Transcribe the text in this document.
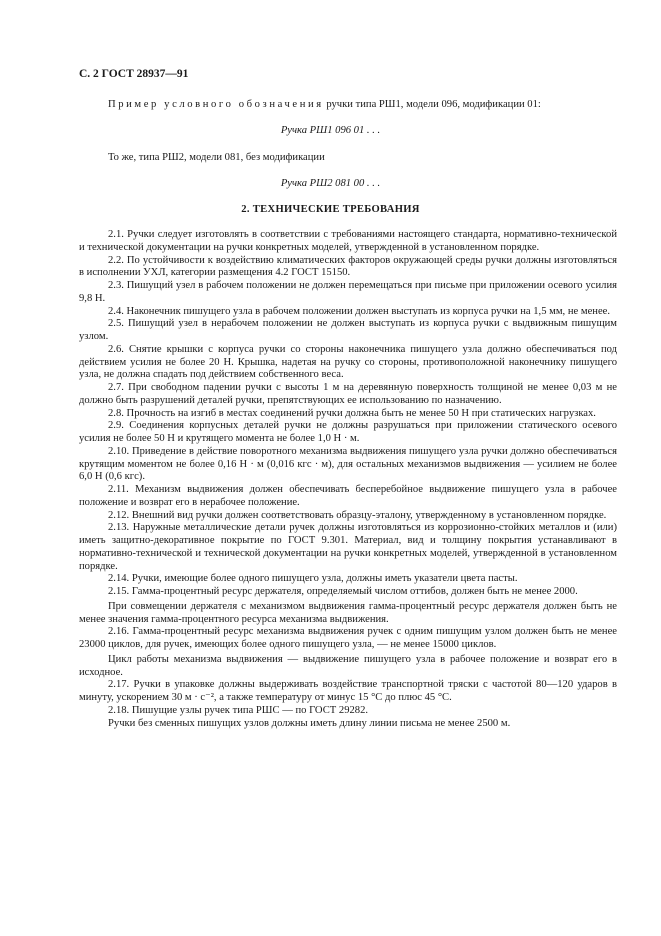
С. 2 ГОСТ 28937—91
Пример условного обозначения ручки типа РШ1, модели 096, модификации 01:
Ручка РШ1 096 01 . . .
То же, типа РШ2, модели 081, без модификации
Ручка РШ2 081 00 . . .
2. ТЕХНИЧЕСКИЕ ТРЕБОВАНИЯ

2.1. Ручки следует изготовлять в соответствии с требованиями настоящего стандарта, нормативно-технической и технической документации на ручки конкретных моделей, утвержденной в установленном порядке.

2.2. По устойчивости к воздействию климатических факторов окружающей среды ручки должны изготовляться в исполнении УХЛ, категории размещения 4.2 ГОСТ 15150.

2.3. Пишущий узел в рабочем положении не должен перемещаться при письме при приложении осевого усилия 9,8 Н.

2.4. Наконечник пишущего узла в рабочем положении должен выступать из корпуса ручки на 1,5 мм, не менее.

2.5. Пишущий узел в нерабочем положении не должен выступать из корпуса ручки с выдвижным пишущим узлом.

2.6. Снятие крышки с корпуса ручки со стороны наконечника пишущего узла должно обеспечиваться под действием усилия не более 20 Н. Крышка, надетая на ручку со стороны, противоположной наконечнику пишущего узла, не должна спадать под действием собственного веса.

2.7. При свободном падении ручки с высоты 1 м на деревянную поверхность толщиной не менее 0,03 м не должно быть разрушений деталей ручки, препятствующих ее использованию по назначению.

2.8. Прочность на изгиб в местах соединений ручки должна быть не менее 50 Н при статических нагрузках.

2.9. Соединения корпусных деталей ручки не должны разрушаться при приложении статического осевого усилия не более 50 Н и крутящего момента не более 1,0 Н · м.

2.10. Приведение в действие поворотного механизма выдвижения пишущего узла ручки должно обеспечиваться крутящим моментом не более 0,16 Н · м (0,016 кгс · м), для остальных механизмов выдвижения — усилием не более 6,0 Н (0,6 кгс).

2.11. Механизм выдвижения должен обеспечивать бесперебойное выдвижение пишущего узла в рабочее положение и возврат его в нерабочее положение.

2.12. Внешний вид ручки должен соответствовать образцу-эталону, утвержденному в установленном порядке.

2.13. Наружные металлические детали ручек должны изготовляться из коррозионно-стойких металлов и (или) иметь защитно-декоративное покрытие по ГОСТ 9.301. Материал, вид и толщину покрытия устанавливают в нормативно-технической и технической документации на ручки конкретных моделей, утвержденной в установленном порядке.

2.14. Ручки, имеющие более одного пишущего узла, должны иметь указатели цвета пасты.

2.15. Гамма-процентный ресурс держателя, определяемый числом оттибов, должен быть не менее 2000.

При совмещении держателя с механизмом выдвижения гамма-процентный ресурс держателя должен быть не менее значения гамма-процентного ресурса механизма выдвижения.

2.16. Гамма-процентный ресурс механизма выдвижения ручек с одним пишущим узлом должен быть не менее 23000 циклов, для ручек, имеющих более одного пишущего узла, — не менее 15000 циклов.

Цикл работы механизма выдвижения — выдвижение пишущего узла в рабочее положение и возврат его в исходное.

2.17. Ручки в упаковке должны выдерживать воздействие транспортной тряски с частотой 80—120 ударов в минуту, ускорением 30 м · с⁻², а также температуру от минус 15 °С до плюс 45 °С.

2.18. Пишущие узлы ручек типа РШС — по ГОСТ 29282.

Ручки без сменных пишущих узлов должны иметь длину линии письма не менее 2500 м.
